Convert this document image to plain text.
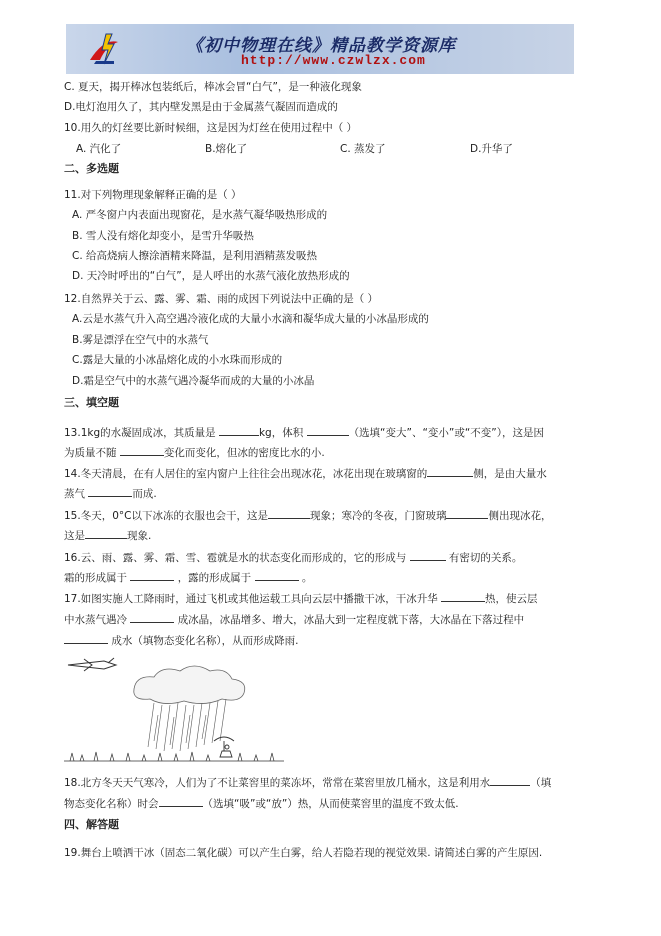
《初中物理在线》精品教学资源库
http://www.czwlzx.com
C. 夏天，揭开棒冰包装纸后，棒冰会冒“白气”，是一种液化现象
D.电灯泡用久了，其内壁发黑是由于金属蒸气凝固而造成的
10.用久的灯丝要比新时候细，这是因为灯丝在使用过程中（ ）
A. 汽化了	B.熔化了	C. 蒸发了	D.升华了
二、多选题
11.对下列物理现象解释正确的是（ ）
A. 严冬窗户内表面出现窗花，是水蒸气凝华吸热形成的
B. 雪人没有熔化却变小，是雪升华吸热
C. 给高烧病人擦涂酒精来降温，是利用酒精蒸发吸热
D. 天冷时呼出的“白气”，是人呼出的水蒸气液化放热形成的
12.自然界关于云、露、雾、霜、雨的成因下列说法中正确的是（ ）
A.云是水蒸气升入高空遇冷液化成的大量小水滴和凝华成大量的小冰晶形成的
B.雾是漂浮在空气中的水蒸气
C.露是大量的小冰晶熔化成的小水珠而形成的
D.霜是空气中的水蒸气遇冷凝华而成的大量的小冰晶
三、填空题
13.1kg的水凝固成冰，其质量是	kg，体积	（选填“变大”、“变小”或“不变”），这是因
为质量不随	变化而变化，但冰的密度比水的小.
14.冬天清晨，在有人居住的室内窗户上往往会出现冰花，冰花出现在玻璃窗的	侧，是由大量水
蒸气	而成.
15.冬天，0°C以下冰冻的衣服也会干，这是	现象；寒冷的冬夜，门窗玻璃	侧出现冰花，
这是	现象.
16.云、雨、露、雾、霜、雪、雹就是水的状态变化而形成的，它的形成与	有密切的关系。
霜的形成属于	，露的形成属于	。
17.如图实施人工降雨时，通过飞机或其他运载工具向云层中播撒干冰，干冰升华	热，使云层
中水蒸气遇冷	成冰晶，冰晶增多、增大，冰晶大到一定程度就下落，大冰晶在下落过程中
成水（填物态变化名称），从而形成降雨.
18.北方冬天天气寒冷，人们为了不让菜窖里的菜冻坏，常常在菜窖里放几桶水，这是利用水	（填
物态变化名称）时会	（选填“吸”或“放”）热，从而使菜窖里的温度不致太低.
四、解答题
19.舞台上喷洒干冰（固态二氧化碳）可以产生白雾，给人若隐若现的视觉效果. 请简述白雾的产生原因.
